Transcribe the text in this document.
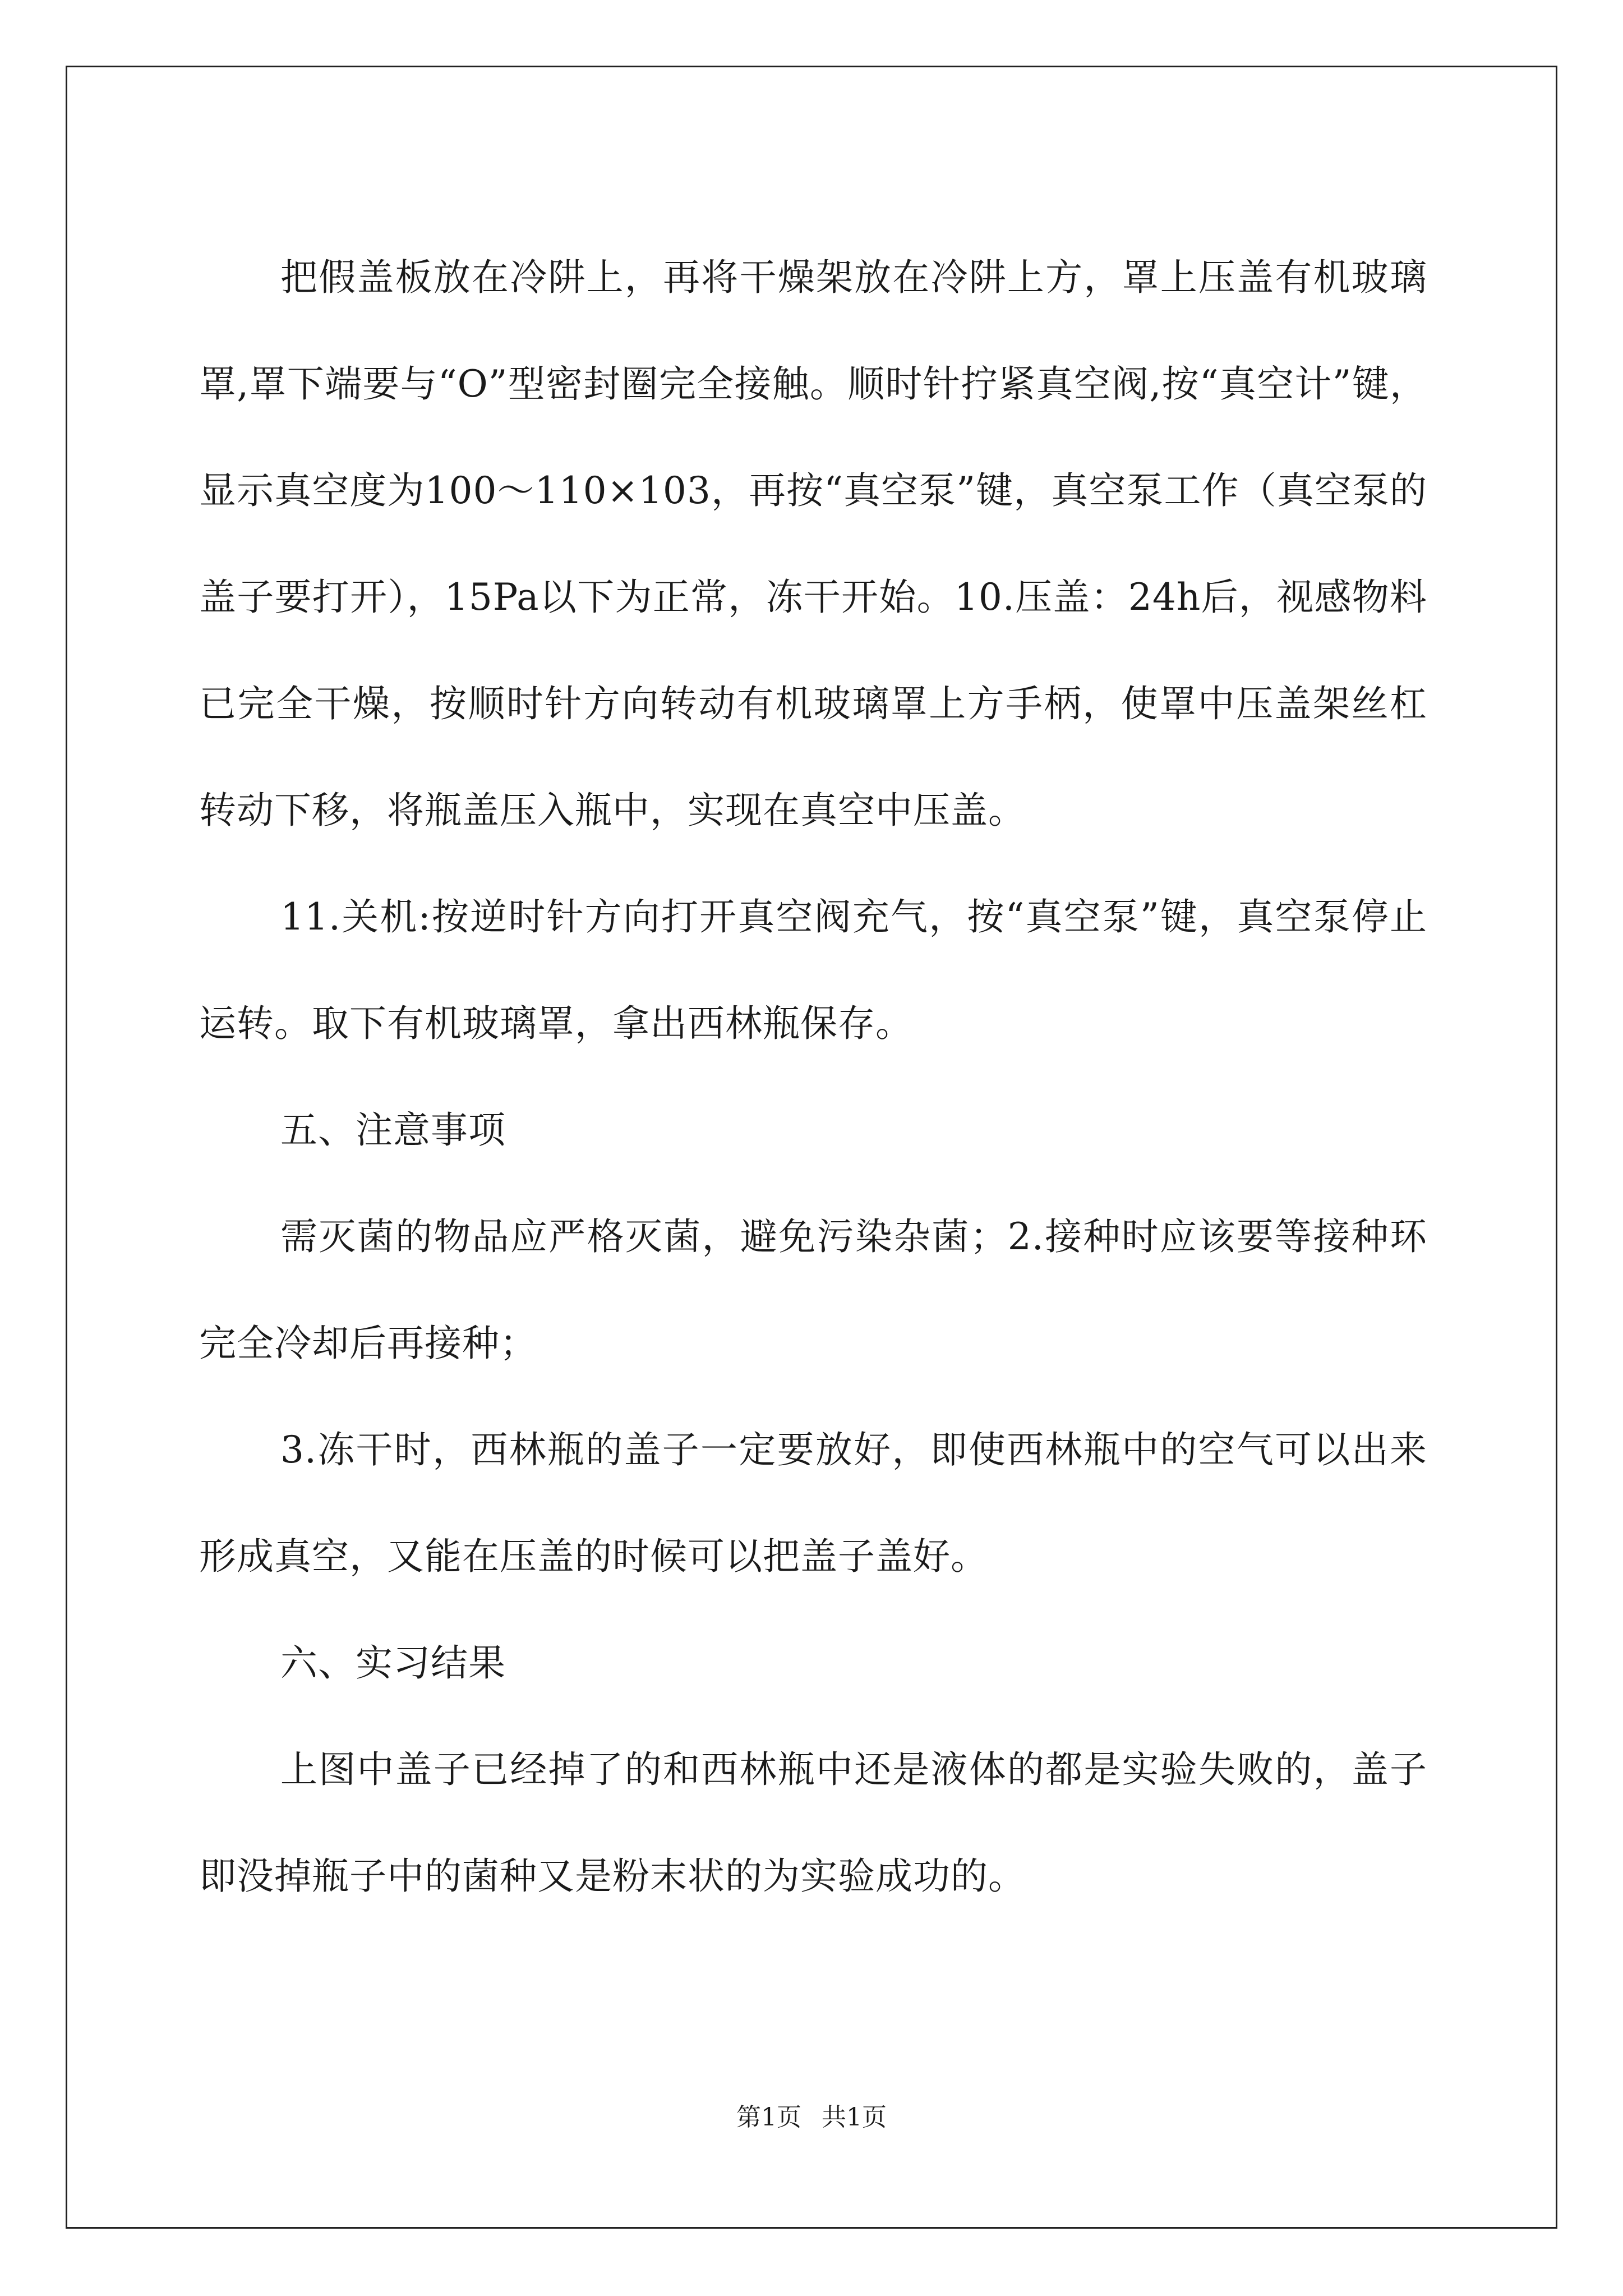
把假盖板放在冷阱上，再将干燥架放在冷阱上方，罩上压盖有机玻璃罩,罩下端要与“O”型密封圈完全接触。顺时针拧紧真空阀,按“真空计”键，显示真空度为100～110×103，再按“真空泵”键，真空泵工作（真空泵的盖子要打开），15Pa以下为正常，冻干开始。10.压盖：24h后，视感物料已完全干燥，按顺时针方向转动有机玻璃罩上方手柄，使罩中压盖架丝杠转动下移，将瓶盖压入瓶中，实现在真空中压盖。

11.关机:按逆时针方向打开真空阀充气，按“真空泵”键，真空泵停止运转。取下有机玻璃罩，拿出西林瓶保存。

五、注意事项

需灭菌的物品应严格灭菌，避免污染杂菌；2.接种时应该要等接种环完全冷却后再接种；

3.冻干时，西林瓶的盖子一定要放好，即使西林瓶中的空气可以出来形成真空，又能在压盖的时候可以把盖子盖好。

六、实习结果

上图中盖子已经掉了的和西林瓶中还是液体的都是实验失败的，盖子即没掉瓶子中的菌种又是粉末状的为实验成功的。

第1页 共1页
